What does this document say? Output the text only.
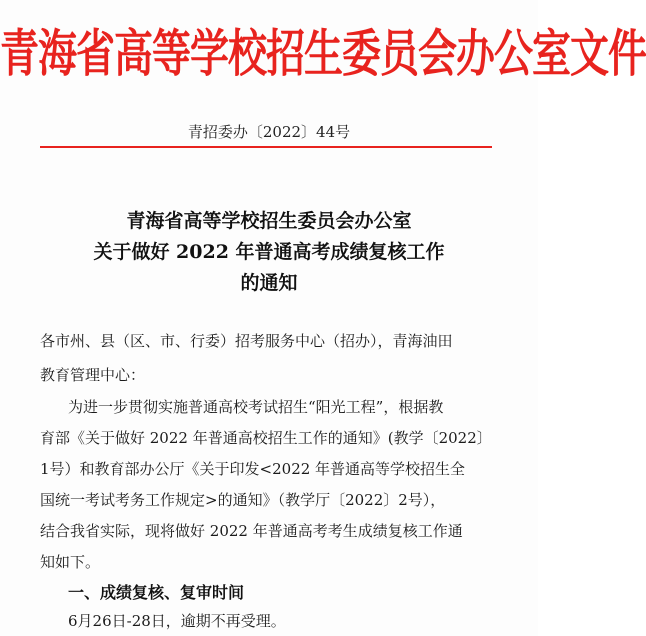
青海省高等学校招生委员会办公室文件
青招委办〔2022〕44号
青海省高等学校招生委员会办公室
关于做好 2022 年普通高考成绩复核工作
的通知
各市州、县（区、市、行委）招考服务中心（招办），青海油田
教育管理中心：
为进一步贯彻实施普通高校考试招生“阳光工程”，根据教
育部《关于做好 2022 年普通高校招生工作的通知》(教学〔2022〕
1号）和教育部办公厅《关于印发<2022 年普通高等学校招生全
国统一考试考务工作规定>的通知》（教学厅〔2022〕2号），
结合我省实际，现将做好 2022 年普通高考考生成绩复核工作通
知如下。
一、成绩复核、复审时间
6月26日-28日，逾期不再受理。
